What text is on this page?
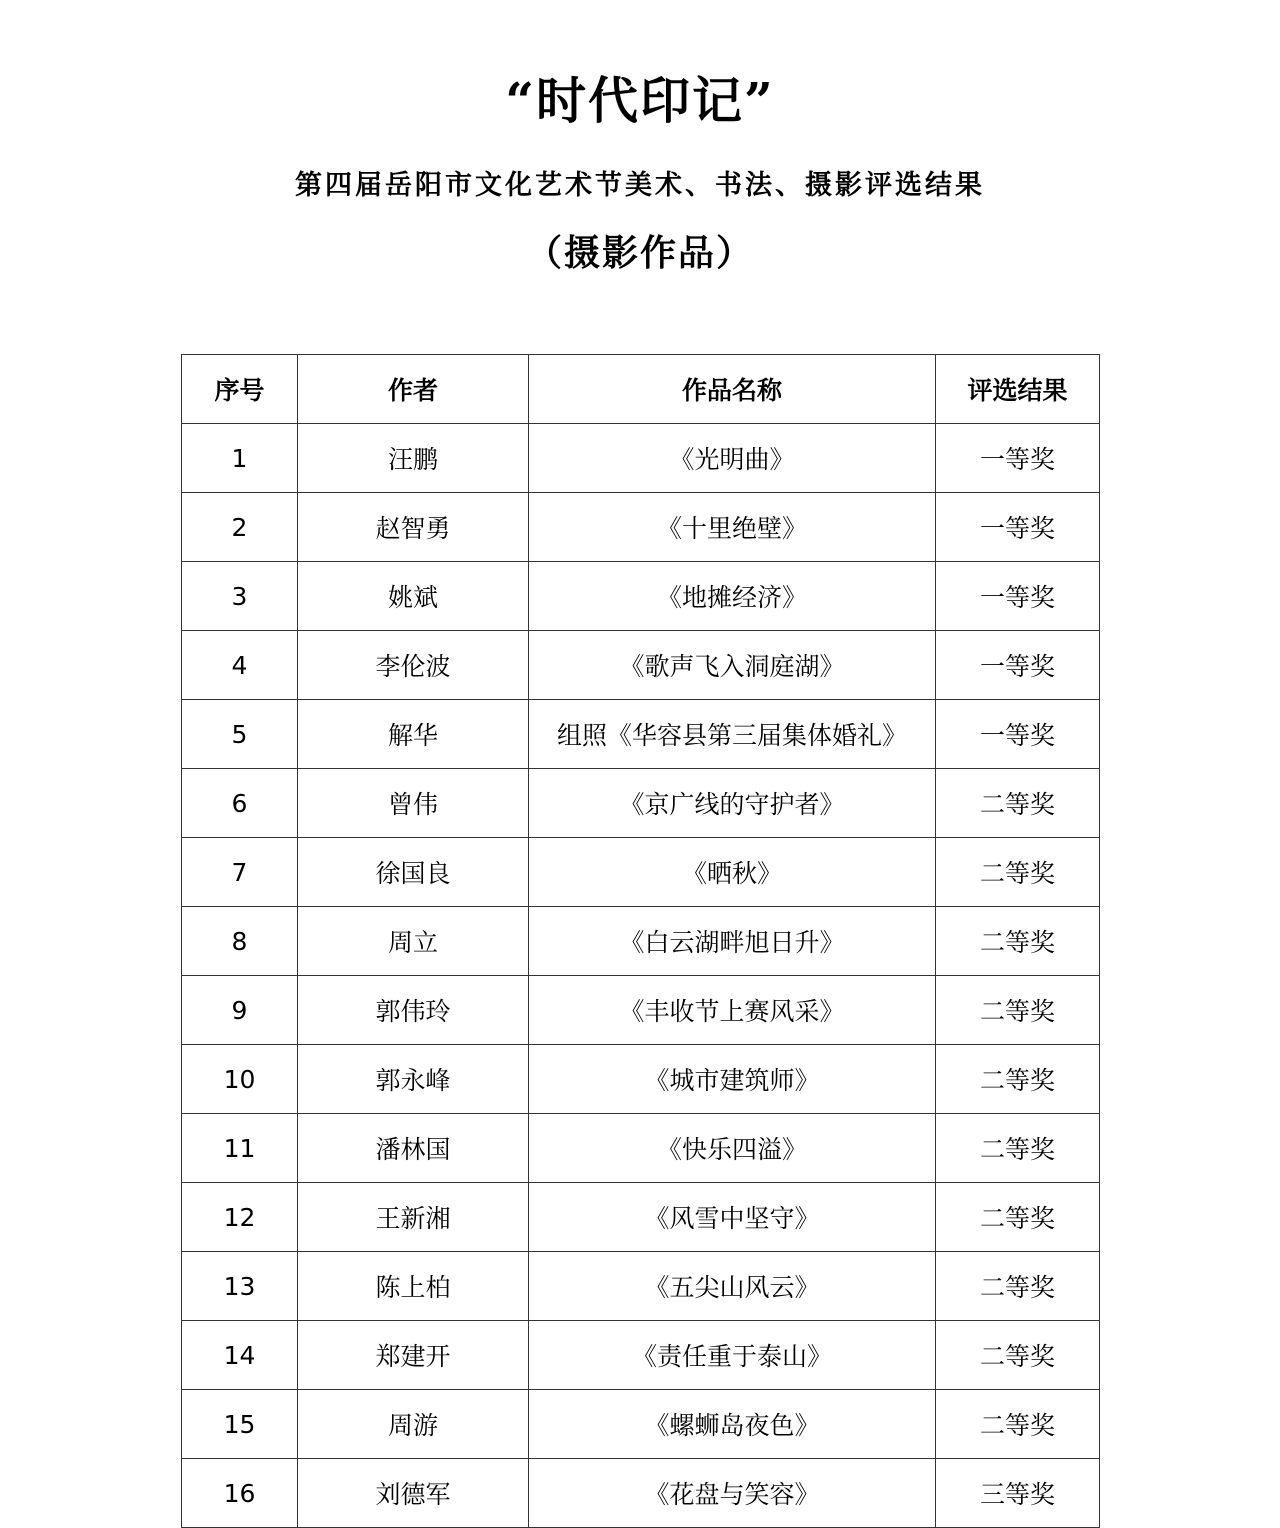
“时代印记”
第四届岳阳市文化艺术节美术、书法、摄影评选结果
（摄影作品）
序号	作者	作品名称	评选结果
1	汪鹏	《光明曲》	一等奖
2	赵智勇	《十里绝壁》	一等奖
3	姚斌	《地摊经济》	一等奖
4	李伦波	《歌声飞入洞庭湖》	一等奖
5	解华	组照《华容县第三届集体婚礼》	一等奖
6	曾伟	《京广线的守护者》	二等奖
7	徐国良	《晒秋》	二等奖
8	周立	《白云湖畔旭日升》	二等奖
9	郭伟玲	《丰收节上赛风采》	二等奖
10	郭永峰	《城市建筑师》	二等奖
11	潘林国	《快乐四溢》	二等奖
12	王新湘	《风雪中坚守》	二等奖
13	陈上柏	《五尖山风云》	二等奖
14	郑建开	《责任重于泰山》	二等奖
15	周游	《螺蛳岛夜色》	二等奖
16	刘德军	《花盘与笑容》	三等奖
